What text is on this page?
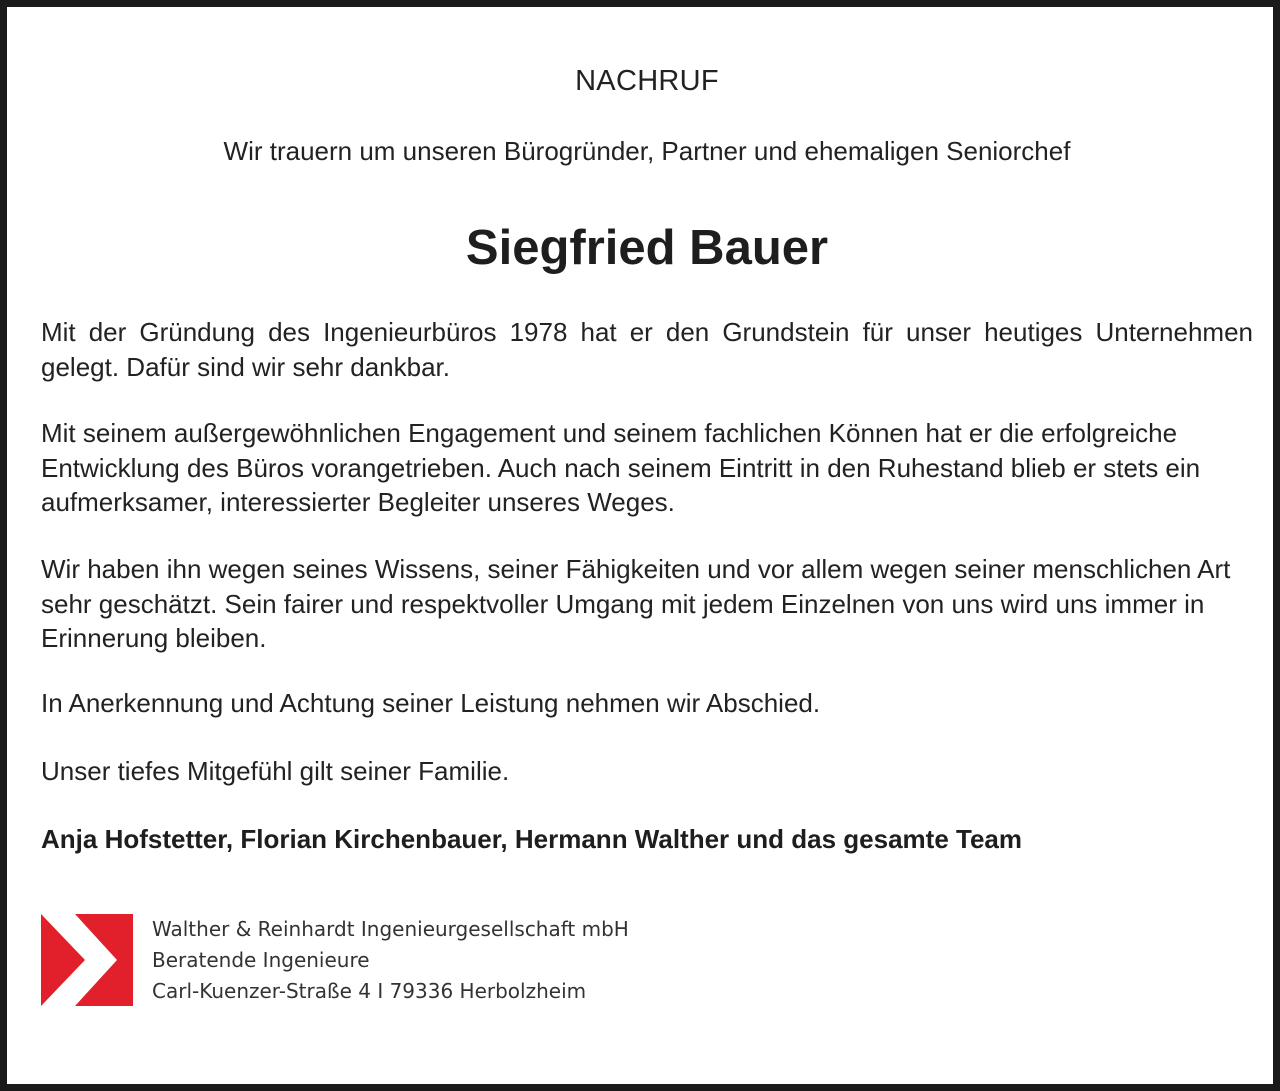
NACHRUF
Wir trauern um unseren Bürogründer, Partner und ehemaligen Seniorchef
Siegfried Bauer

Mit der Gründung des Ingenieurbüros 1978 hat er den Grundstein für unser heutiges Unternehmen gelegt. Dafür sind wir sehr dankbar.

Mit seinem außergewöhnlichen Engagement und seinem fachlichen Können hat er die erfolgreiche Entwicklung des Büros vorangetrieben. Auch nach seinem Eintritt in den Ruhestand blieb er stets ein aufmerksamer, interessierter Begleiter unseres Weges.

Wir haben ihn wegen seines Wissens, seiner Fähigkeiten und vor allem wegen seiner menschlichen Art sehr geschätzt. Sein fairer und respektvoller Umgang mit jedem Einzelnen von uns wird uns immer in Erinnerung bleiben.

In Anerkennung und Achtung seiner Leistung nehmen wir Abschied.

Unser tiefes Mitgefühl gilt seiner Familie.

Anja Hofstetter, Florian Kirchenbauer, Hermann Walther und das gesamte Team
Walther & Reinhardt Ingenieurgesellschaft mbH
Beratende Ingenieure
Carl-Kuenzer-Straße 4 I 79336 Herbolzheim
